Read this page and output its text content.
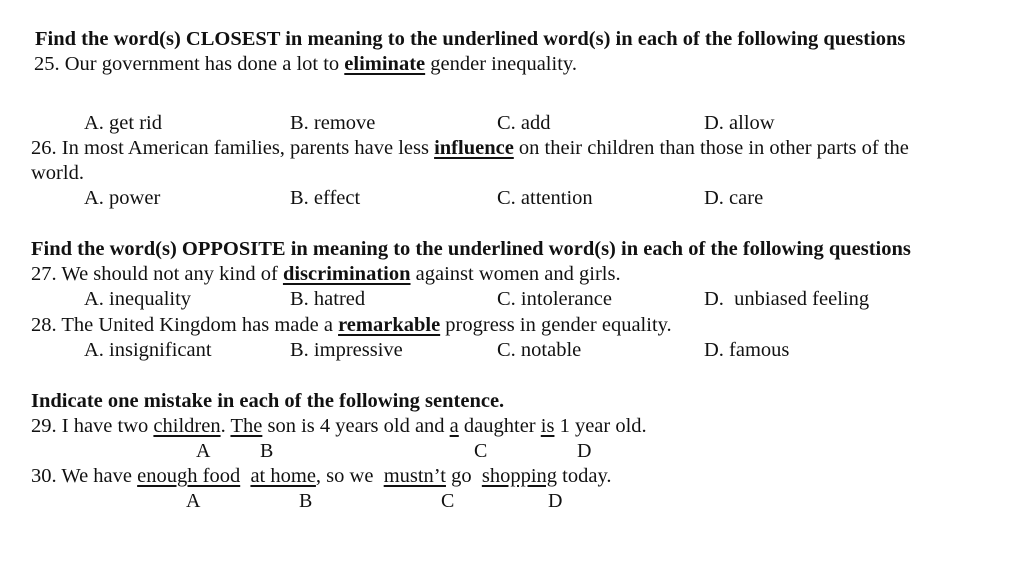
Find the word(s) CLOSEST in meaning to the underlined word(s) in each of the following questions
25. Our government has done a lot to eliminate gender inequality.
A. get rid	B. remove	C. add	D. allow
26. In most American families, parents have less influence on their children than those in other parts of the
world.
A. power	B. effect	C. attention	D. care
Find the word(s) OPPOSITE in meaning to the underlined word(s) in each of the following questions
27. We should not any kind of discrimination against women and girls.
A. inequality	B. hatred	C. intolerance	D.  unbiased feeling
28. The United Kingdom has made a remarkable progress in gender equality.
A. insignificant	B. impressive	C. notable	D. famous
Indicate one mistake in each of the following sentence.
29. I have two children. The son is 4 years old and a daughter is 1 year old.
A B	C	D
30. We have enough food at home, so we  mustn’t go  shopping today.
A	B	C	D
